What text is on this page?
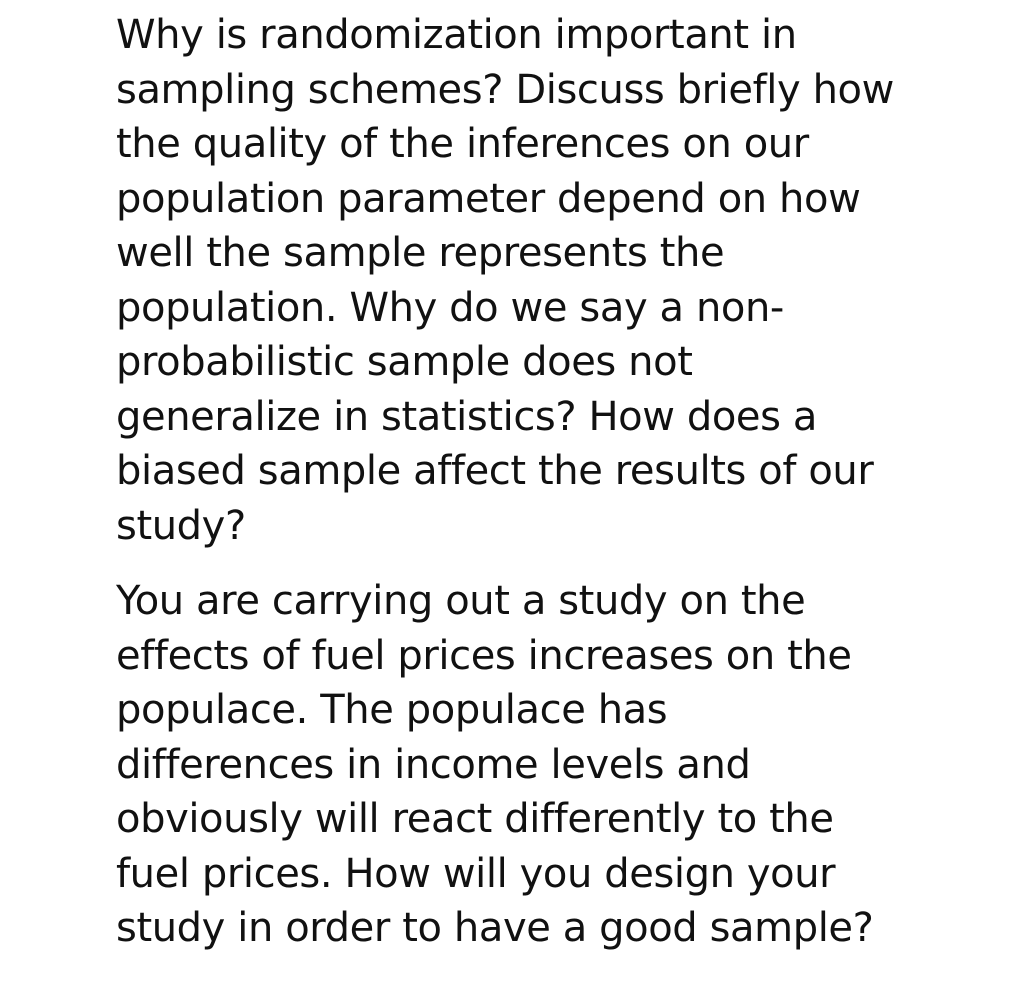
Why is randomization important in
sampling schemes? Discuss briefly how
the quality of the inferences on our
population parameter depend on how
well the sample represents the
population. Why do we say a non-
probabilistic sample does not
generalize in statistics? How does a
biased sample affect the results of our
study?

You are carrying out a study on the
effects of fuel prices increases on the
populace. The populace has
differences in income levels and
obviously will react differently to the
fuel prices. How will you design your
study in order to have a good sample?
